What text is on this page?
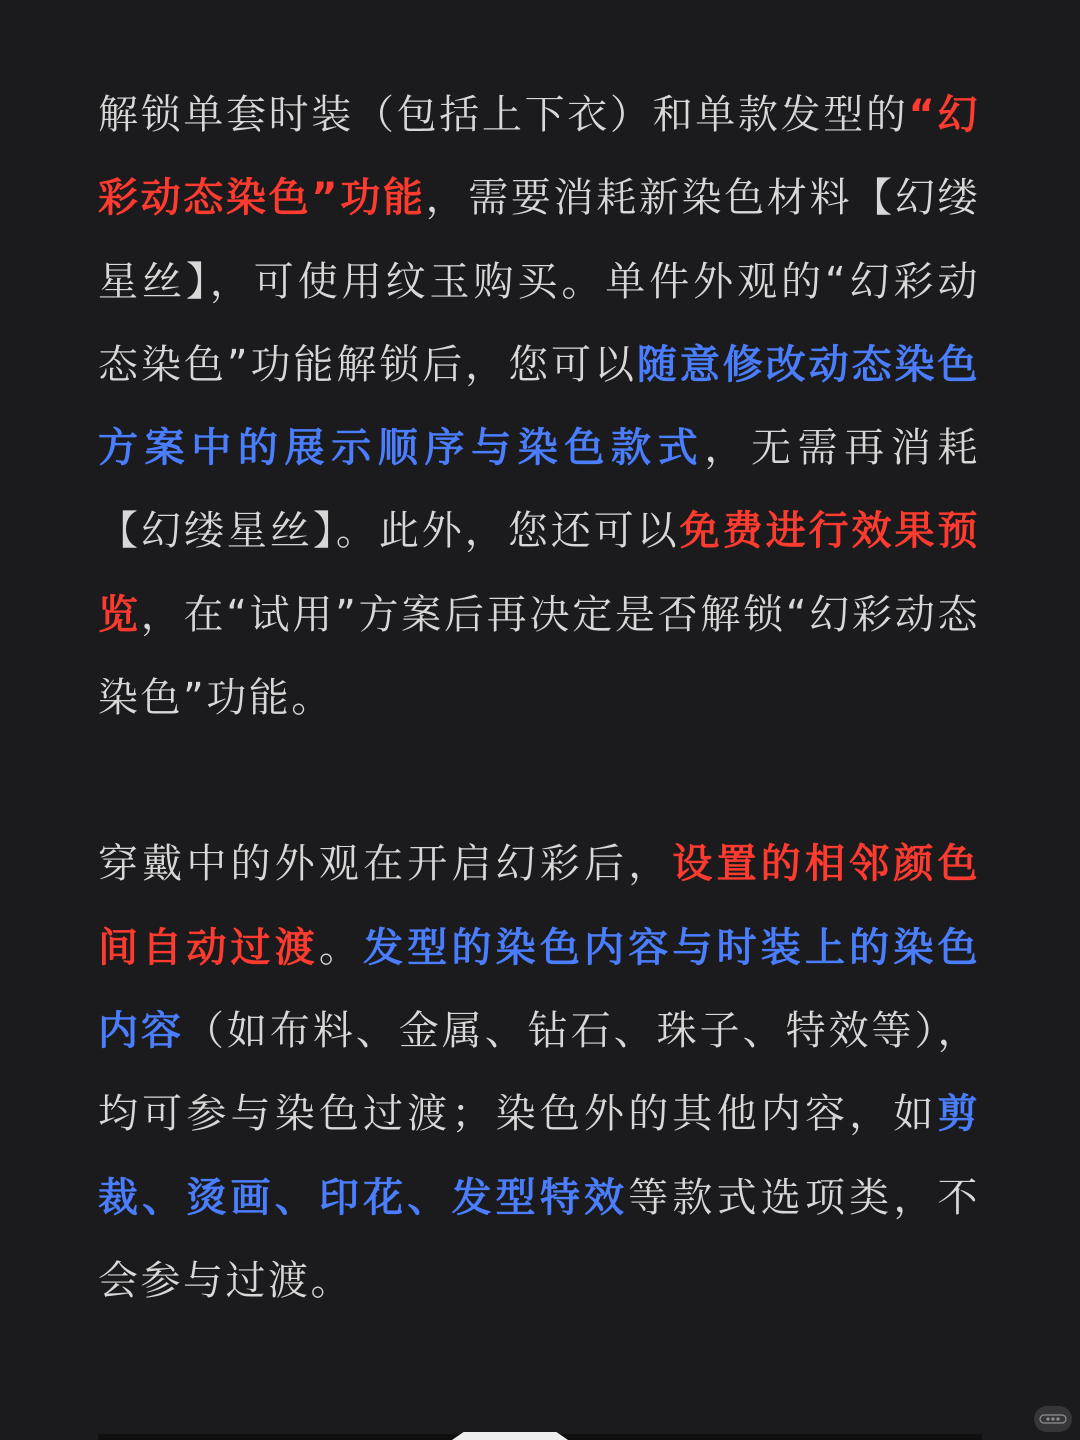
解锁单套时装（包括上下衣）和单款发型的“幻彩动态染色”功能，需要消耗新染色材料【幻缕星丝】，可使用纹玉购买。单件外观的“幻彩动态染色”功能解锁后，您可以随意修改动态染色方案中的展示顺序与染色款式，无需再消耗【幻缕星丝】。此外，您还可以免费进行效果预览，在“试用”方案后再决定是否解锁“幻彩动态染色”功能。

穿戴中的外观在开启幻彩后，设置的相邻颜色间自动过渡。发型的染色内容与时装上的染色内容（如布料、金属、钻石、珠子、特效等），均可参与染色过渡；染色外的其他内容，如剪裁、烫画、印花、发型特效等款式选项类，不会参与过渡。
